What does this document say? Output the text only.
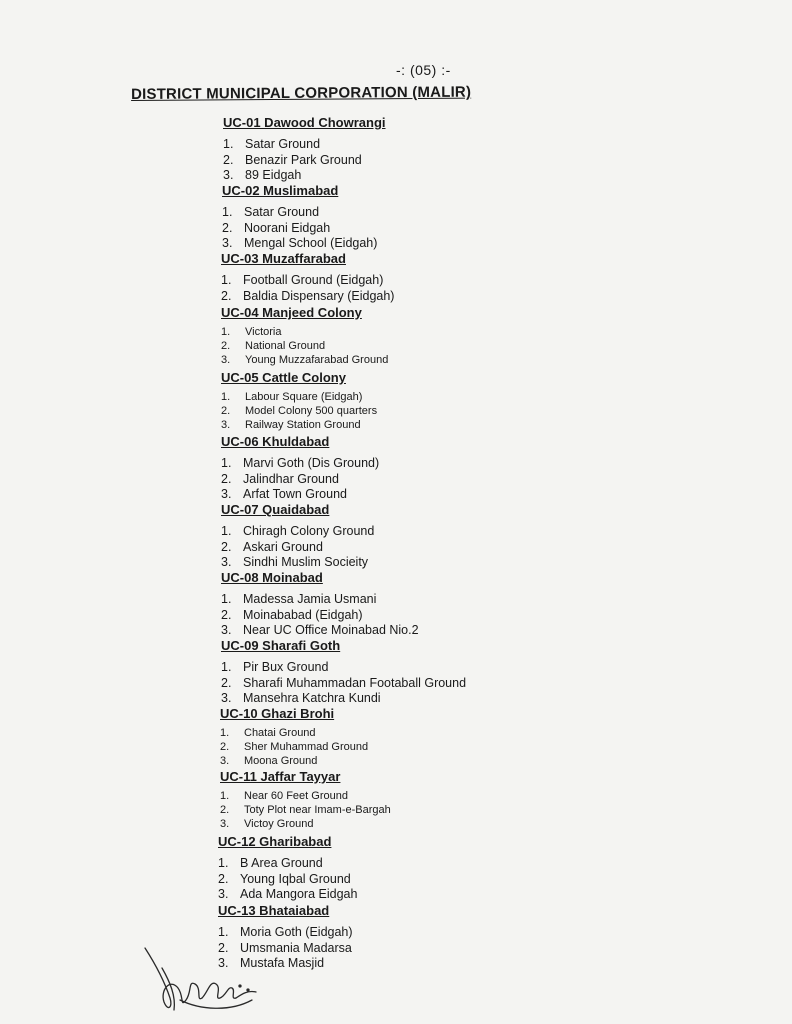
-: (05) :-
DISTRICT MUNICIPAL CORPORATION (MALIR)
UC-01 Dawood Chowrangi
1. Satar Ground
2. Benazir Park Ground
3. 89 Eidgah
UC-02 Muslimabad
1. Satar Ground
2. Noorani Eidgah
3. Mengal School (Eidgah)
UC-03 Muzaffarabad
1. Football Ground (Eidgah)
2. Baldia Dispensary (Eidgah)
UC-04 Manjeed Colony
1.	Victoria
2.	National Ground
3.	Young Muzzafarabad Ground
UC-05 Cattle Colony
1.	Labour Square (Eidgah)
2.	Model Colony 500 quarters
3.	Railway Station Ground
UC-06 Khuldabad
1. Marvi Goth (Dis Ground)
2. Jalindhar Ground
3. Arfat Town Ground
UC-07 Quaidabad
1. Chiragh Colony Ground
2. Askari Ground
3. Sindhi Muslim Socieity
UC-08 Moinabad
1. Madessa Jamia Usmani
2. Moinababad (Eidgah)
3. Near UC Office Moinabad Nio.2
UC-09 Sharafi Goth
1. Pir Bux Ground
2. Sharafi Muhammadan Footaball Ground
3. Mansehra Katchra Kundi
UC-10 Ghazi Brohi
1.	Chatai Ground
2.	Sher Muhammad Ground
3.	Moona Ground
UC-11 Jaffar Tayyar
1.	Near 60 Feet Ground
2.	Toty Plot near Imam-e-Bargah
3.	Victoy Ground
UC-12 Gharibabad
1. B Area Ground
2. Young Iqbal Ground
3. Ada Mangora Eidgah
UC-13 Bhataiabad
1. Moria Goth (Eidgah)
2. Umsmania Madarsa
3. Mustafa Masjid
